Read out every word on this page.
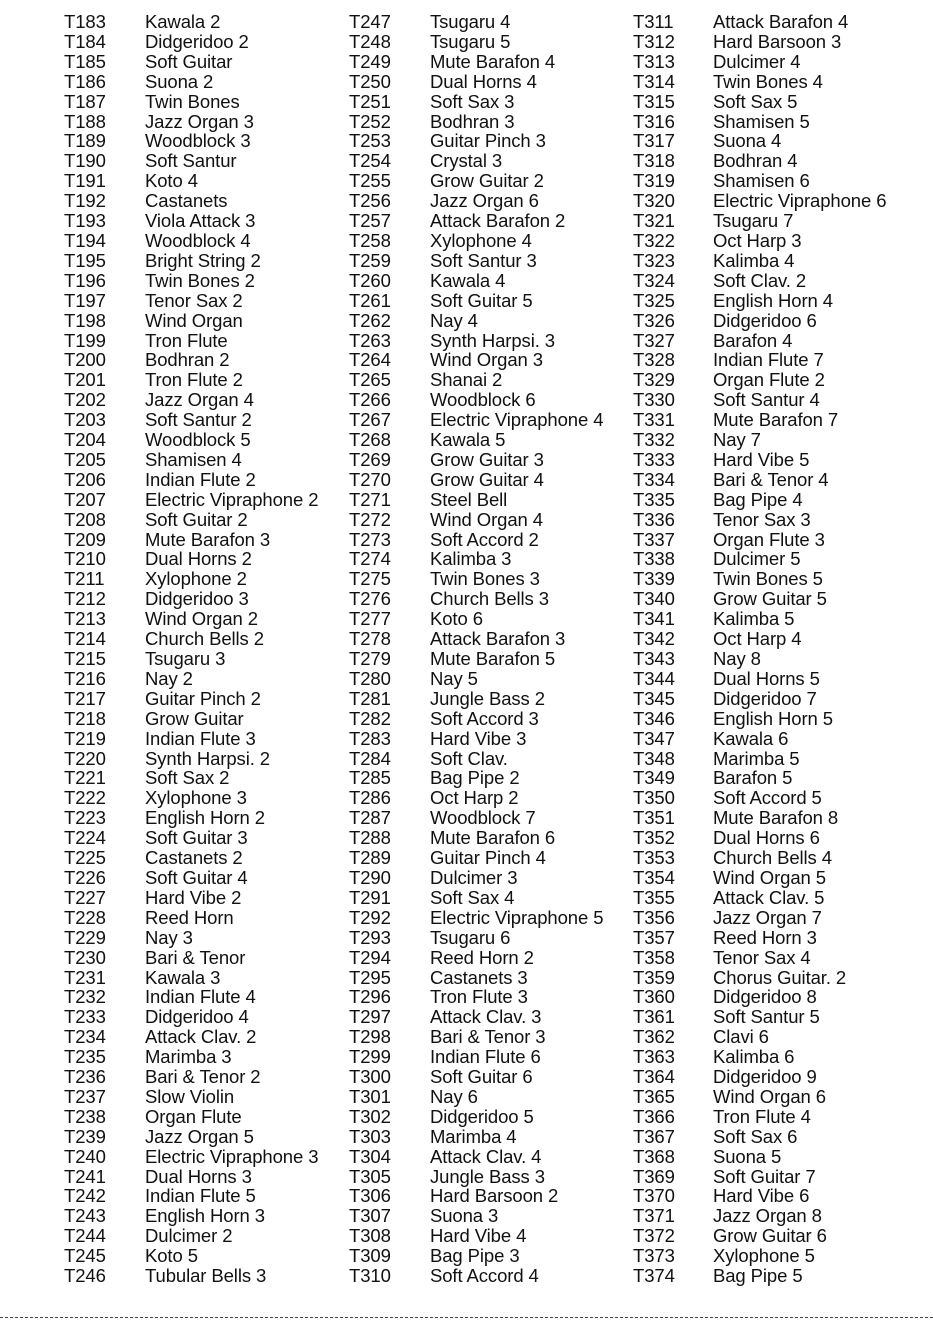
T183	Kawala 2
T184	Didgeridoo 2
T185	Soft Guitar
T186	Suona 2
T187	Twin Bones
T188	Jazz Organ 3
T189	Woodblock 3
T190	Soft Santur
T191	Koto 4
T192	Castanets
T193	Viola Attack 3
T194	Woodblock 4
T195	Bright String 2
T196	Twin Bones 2
T197	Tenor Sax 2
T198	Wind Organ
T199	Tron Flute
T200	Bodhran 2
T201	Tron Flute 2
T202	Jazz Organ 4
T203	Soft Santur 2
T204	Woodblock 5
T205	Shamisen 4
T206	Indian Flute 2
T207	Electric Vipraphone 2
T208	Soft Guitar 2
T209	Mute Barafon 3
T210	Dual Horns 2
T211	Xylophone 2
T212	Didgeridoo 3
T213	Wind Organ 2
T214	Church Bells 2
T215	Tsugaru 3
T216	Nay 2
T217	Guitar Pinch 2
T218	Grow Guitar
T219	Indian Flute 3
T220	Synth Harpsi. 2
T221	Soft Sax 2
T222	Xylophone 3
T223	English Horn 2
T224	Soft Guitar 3
T225	Castanets 2
T226	Soft Guitar 4
T227	Hard Vibe 2
T228	Reed Horn
T229	Nay 3
T230	Bari & Tenor
T231	Kawala 3
T232	Indian Flute 4
T233	Didgeridoo 4
T234	Attack Clav. 2
T235	Marimba 3
T236	Bari & Tenor 2
T237	Slow Violin
T238	Organ Flute
T239	Jazz Organ 5
T240	Electric Vipraphone 3
T241	Dual Horns 3
T242	Indian Flute 5
T243	English Horn 3
T244	Dulcimer 2
T245	Koto 5
T246	Tubular Bells 3
T247	Tsugaru 4
T248	Tsugaru 5
T249	Mute Barafon 4
T250	Dual Horns 4
T251	Soft Sax 3
T252	Bodhran 3
T253	Guitar Pinch 3
T254	Crystal 3
T255	Grow Guitar 2
T256	Jazz Organ 6
T257	Attack Barafon 2
T258	Xylophone 4
T259	Soft Santur 3
T260	Kawala 4
T261	Soft Guitar 5
T262	Nay 4
T263	Synth Harpsi. 3
T264	Wind Organ 3
T265	Shanai 2
T266	Woodblock 6
T267	Electric Vipraphone 4
T268	Kawala 5
T269	Grow Guitar 3
T270	Grow Guitar 4
T271	Steel Bell
T272	Wind Organ 4
T273	Soft Accord 2
T274	Kalimba 3
T275	Twin Bones 3
T276	Church Bells 3
T277	Koto 6
T278	Attack Barafon 3
T279	Mute Barafon 5
T280	Nay 5
T281	Jungle Bass 2
T282	Soft Accord 3
T283	Hard Vibe 3
T284	Soft Clav.
T285	Bag Pipe 2
T286	Oct Harp 2
T287	Woodblock 7
T288	Mute Barafon 6
T289	Guitar Pinch 4
T290	Dulcimer 3
T291	Soft Sax 4
T292	Electric Vipraphone 5
T293	Tsugaru 6
T294	Reed Horn 2
T295	Castanets 3
T296	Tron Flute 3
T297	Attack Clav. 3
T298	Bari & Tenor 3
T299	Indian Flute 6
T300	Soft Guitar 6
T301	Nay 6
T302	Didgeridoo 5
T303	Marimba 4
T304	Attack Clav. 4
T305	Jungle Bass 3
T306	Hard Barsoon 2
T307	Suona 3
T308	Hard Vibe 4
T309	Bag Pipe 3
T310	Soft Accord 4
T311	Attack Barafon 4
T312	Hard Barsoon 3
T313	Dulcimer 4
T314	Twin Bones 4
T315	Soft Sax 5
T316	Shamisen 5
T317	Suona 4
T318	Bodhran 4
T319	Shamisen 6
T320	Electric Vipraphone 6
T321	Tsugaru 7
T322	Oct Harp 3
T323	Kalimba 4
T324	Soft Clav. 2
T325	English Horn 4
T326	Didgeridoo 6
T327	Barafon 4
T328	Indian Flute 7
T329	Organ Flute 2
T330	Soft Santur 4
T331	Mute Barafon 7
T332	Nay 7
T333	Hard Vibe 5
T334	Bari & Tenor 4
T335	Bag Pipe 4
T336	Tenor Sax 3
T337	Organ Flute 3
T338	Dulcimer 5
T339	Twin Bones 5
T340	Grow Guitar 5
T341	Kalimba 5
T342	Oct Harp 4
T343	Nay 8
T344	Dual Horns 5
T345	Didgeridoo 7
T346	English Horn 5
T347	Kawala 6
T348	Marimba 5
T349	Barafon 5
T350	Soft Accord 5
T351	Mute Barafon 8
T352	Dual Horns 6
T353	Church Bells 4
T354	Wind Organ 5
T355	Attack Clav. 5
T356	Jazz Organ 7
T357	Reed Horn 3
T358	Tenor Sax 4
T359	Chorus Guitar. 2
T360	Didgeridoo 8
T361	Soft Santur 5
T362	Clavi 6
T363	Kalimba 6
T364	Didgeridoo 9
T365	Wind Organ 6
T366	Tron Flute 4
T367	Soft Sax 6
T368	Suona 5
T369	Soft Guitar 7
T370	Hard Vibe 6
T371	Jazz Organ 8
T372	Grow Guitar 6
T373	Xylophone 5
T374	Bag Pipe 5
